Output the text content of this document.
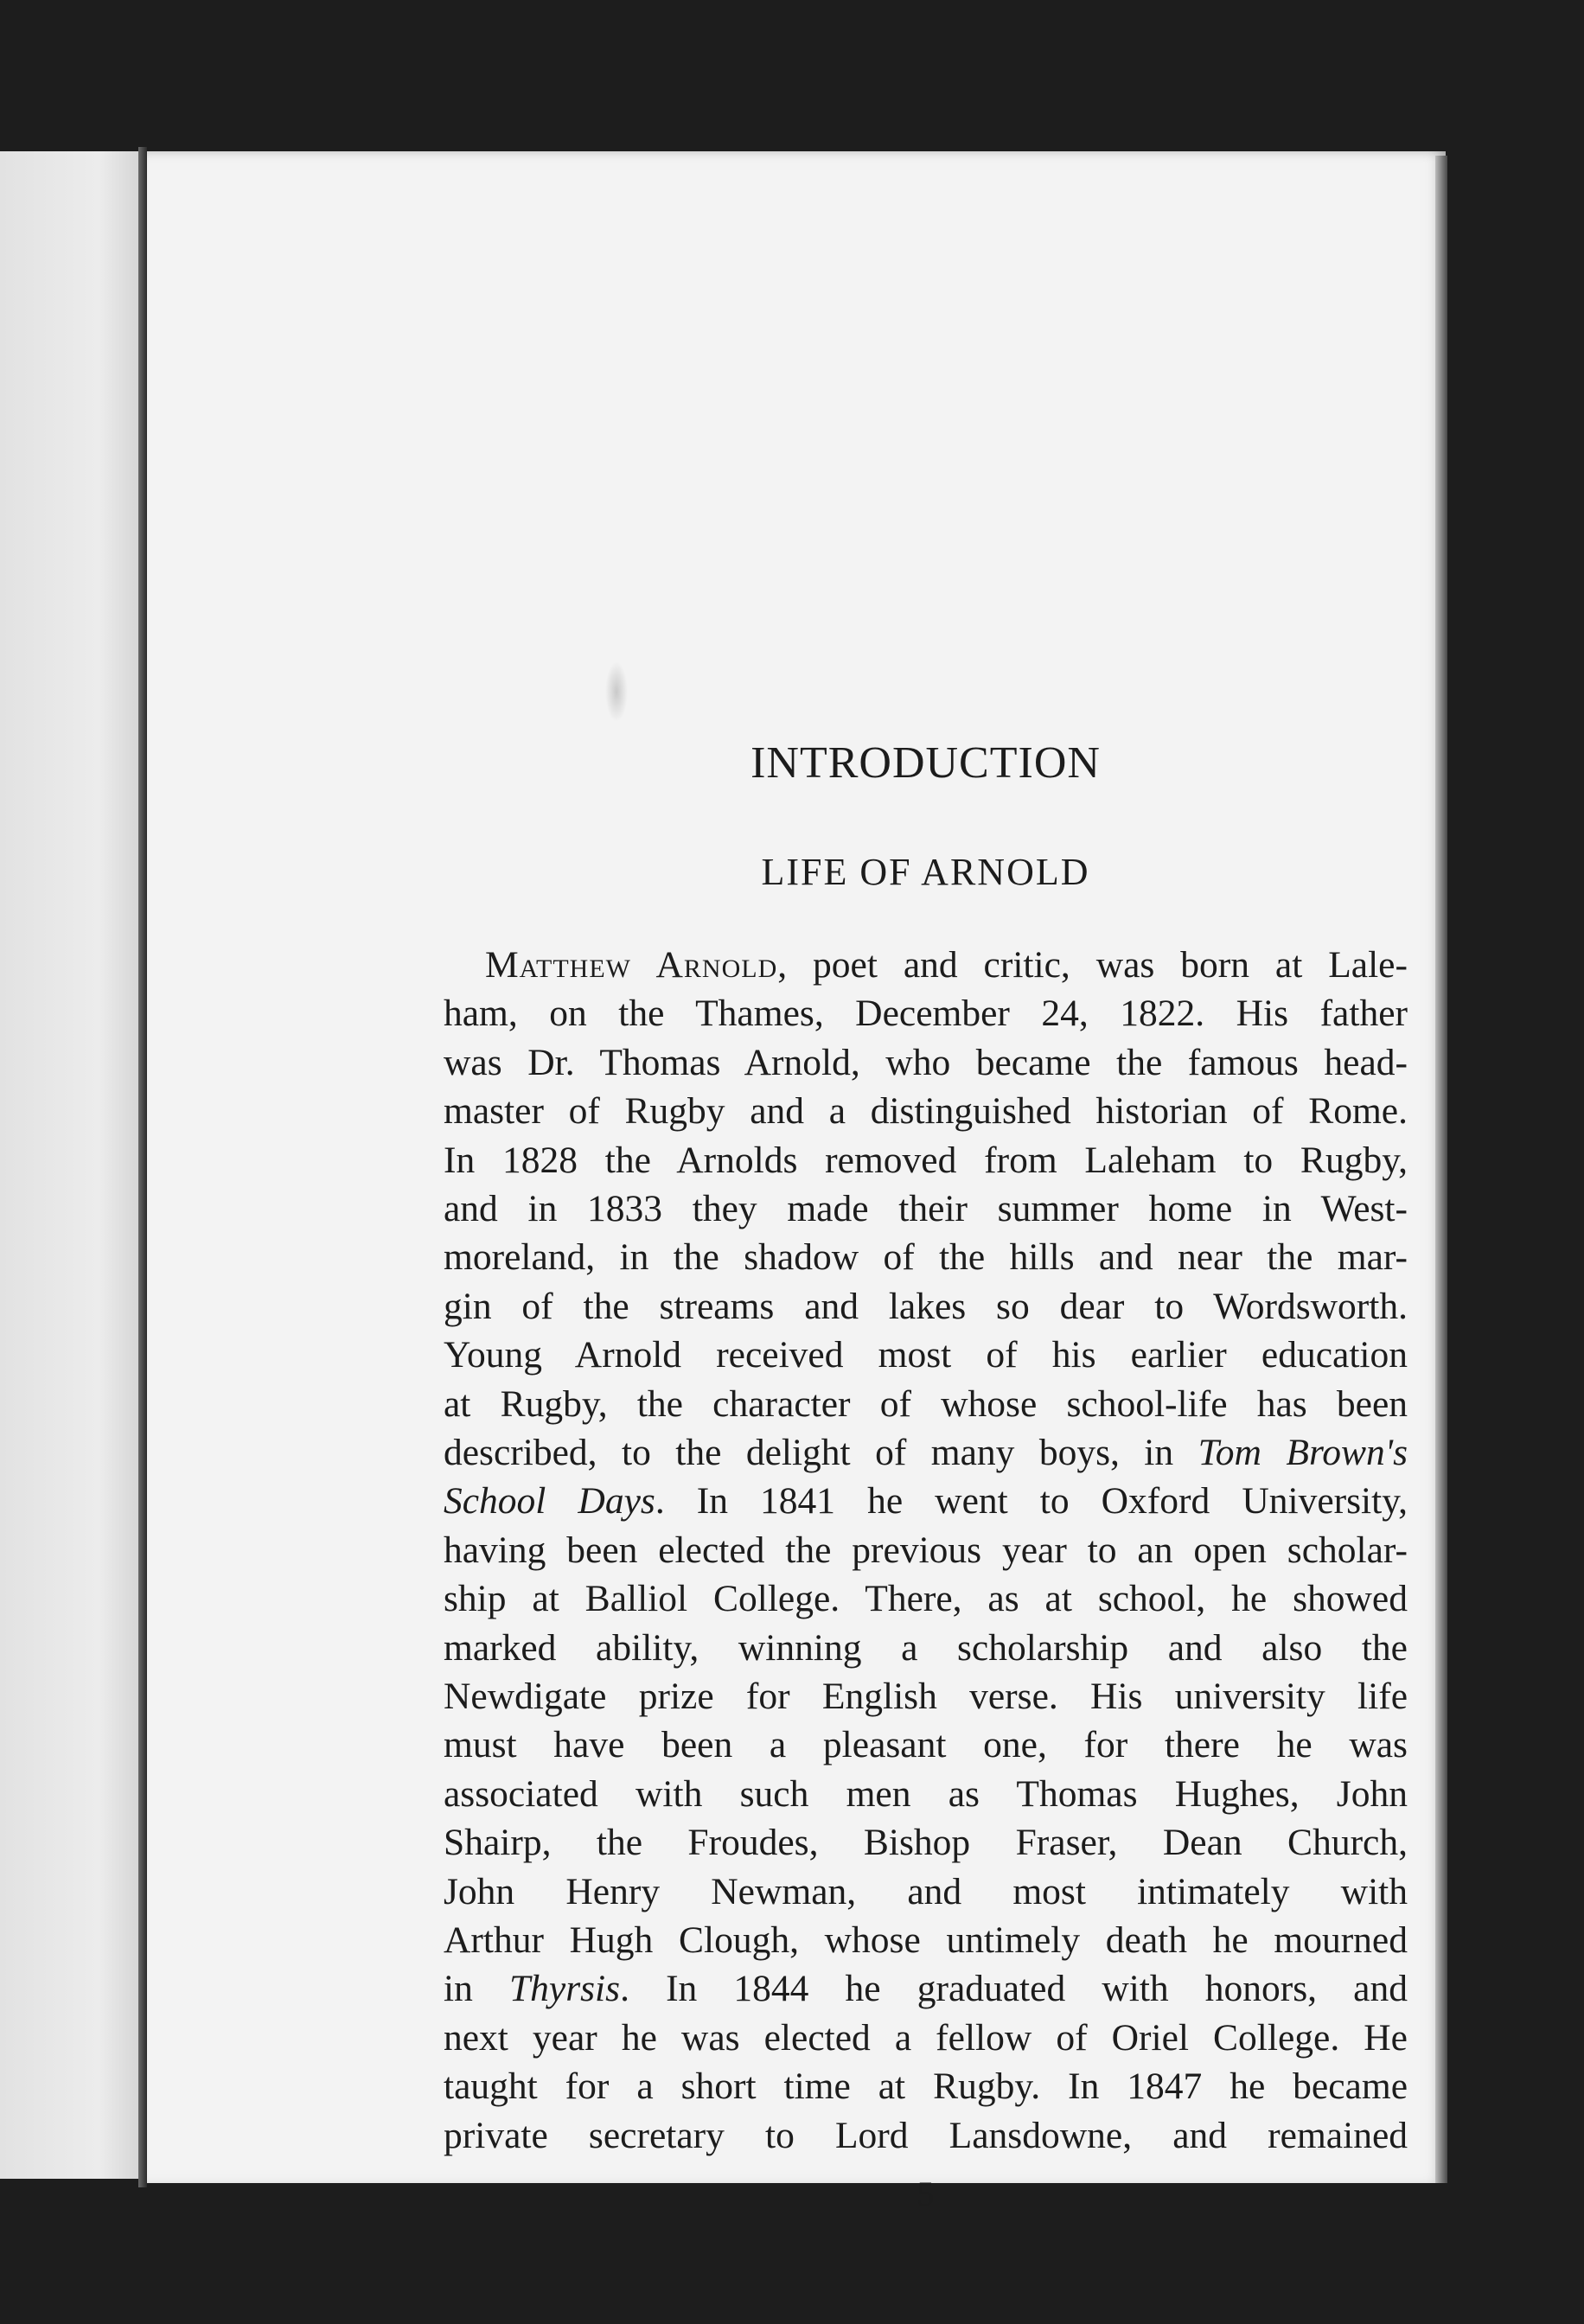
INTRODUCTION
LIFE OF ARNOLD
Matthew Arnold, poet and critic, was born at Lale-
ham, on the Thames, December 24, 1822. His father
was Dr. Thomas Arnold, who became the famous head-
master of Rugby and a distinguished historian of Rome.
In 1828 the Arnolds removed from Laleham to Rugby,
and in 1833 they made their summer home in West-
moreland, in the shadow of the hills and near the mar-
gin of the streams and lakes so dear to Wordsworth.
Young Arnold received most of his earlier education
at Rugby, the character of whose school-life has been
described, to the delight of many boys, in Tom Brown's
School Days. In 1841 he went to Oxford University,
having been elected the previous year to an open scholar-
ship at Balliol College. There, as at school, he showed
marked ability, winning a scholarship and also the
Newdigate prize for English verse. His university life
must have been a pleasant one, for there he was
associated with such men as Thomas Hughes, John
Shairp, the Froudes, Bishop Fraser, Dean Church,
John Henry Newman, and most intimately with
Arthur Hugh Clough, whose untimely death he mourned
in Thyrsis. In 1844 he graduated with honors, and
next year he was elected a fellow of Oriel College. He
taught for a short time at Rugby. In 1847 he became
private secretary to Lord Lansdowne, and remained
5
